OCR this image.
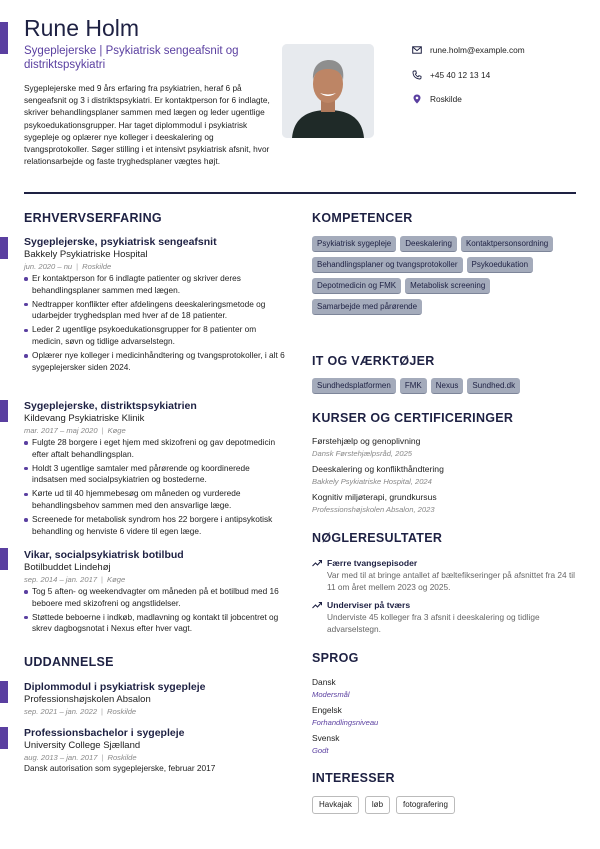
Rune Holm
Sygeplejerske | Psykiatrisk sengeafsnit og distriktspsykiatri

Sygeplejerske med 9 års erfaring fra psykiatrien, heraf 6 på sengeafsnit og 3 i distriktspsykiatri. Er kontaktperson for 6 indlagte, skriver behandlingsplaner sammen med lægen og leder ugentlige psykoedukationsgrupper. Har taget diplommodul i psykiatrisk sygepleje og oplærer nye kolleger i deeskalering og tvangsprotokoller. Søger stilling i et intensivt psykiatrisk afsnit, hvor relationsarbejde og faste tryghedsplaner vægtes højt.

rune.holm@example.com
+45 40 12 13 14
Roskilde
ERHVERVSERFARING
Sygeplejerske, psykiatrisk sengeafsnit
Bakkely Psykiatriske Hospital
jun. 2020 – nu | Roskilde
Er kontaktperson for 6 indlagte patienter og skriver deres behandlingsplaner sammen med lægen.
Nedtrapper konflikter efter afdelingens deeskaleringsmetode og udarbejder tryghedsplan med hver af de 18 patienter.
Leder 2 ugentlige psykoedukationsgrupper for 8 patienter om medicin, søvn og tidlige advarselstegn.
Oplærer nye kolleger i medicinhåndtering og tvangsprotokoller, i alt 6 sygeplejersker siden 2024.
Sygeplejerske, distriktspsykiatrien
Kildevang Psykiatriske Klinik
mar. 2017 – maj 2020 | Køge
Fulgte 28 borgere i eget hjem med skizofreni og gav depotmedicin efter aftalt behandlingsplan.
Holdt 3 ugentlige samtaler med pårørende og koordinerede indsatsen med socialpsykiatrien og bostederne.
Kørte ud til 40 hjemmebesøg om måneden og vurderede behandlingsbehov sammen med den ansvarlige læge.
Screenede for metabolisk syndrom hos 22 borgere i antipsykotisk behandling og henviste 6 videre til egen læge.
Vikar, socialpsykiatrisk botilbud
Botilbuddet Lindehøj
sep. 2014 – jan. 2017 | Køge
Tog 5 aften- og weekendvagter om måneden på et botilbud med 16 beboere med skizofreni og angstlidelser.
Støttede beboerne i indkøb, madlavning og kontakt til jobcentret og skrev dagbogsnotat i Nexus efter hver vagt.
UDDANNELSE
Diplommodul i psykiatrisk sygepleje
Professionshøjskolen Absalon
sep. 2021 – jan. 2022 | Roskilde
Professionsbachelor i sygepleje
University College Sjælland
aug. 2013 – jan. 2017 | Roskilde
Dansk autorisation som sygeplejerske, februar 2017
KOMPETENCER
Psykiatrisk sygepleje	Deeskalering	Kontaktpersonsordning
Behandlingsplaner og tvangsprotokoller	Psykoedukation
Depotmedicin og FMK	Metabolisk screening
Samarbejde med pårørende
IT OG VÆRKTØJER
Sundhedsplatformen	FMK	Nexus	Sundhed.dk
KURSER OG CERTIFICERINGER
Førstehjælp og genoplivning
Dansk Førstehjælpsråd, 2025
Deeskalering og konflikthåndtering
Bakkely Psykiatriske Hospital, 2024
Kognitiv miljøterapi, grundkursus
Professionshøjskolen Absalon, 2023
NØGLERESULTATER
Færre tvangsepisoder
Var med til at bringe antallet af bæltefikseringer på afsnittet fra 24 til 11 om året mellem 2023 og 2025.
Underviser på tværs
Underviste 45 kolleger fra 3 afsnit i deeskalering og tidlige advarselstegn.
SPROG
Dansk
Modersmål
Engelsk
Forhandlingsniveau
Svensk
Godt
INTERESSER
Havkajak	løb	fotografering
